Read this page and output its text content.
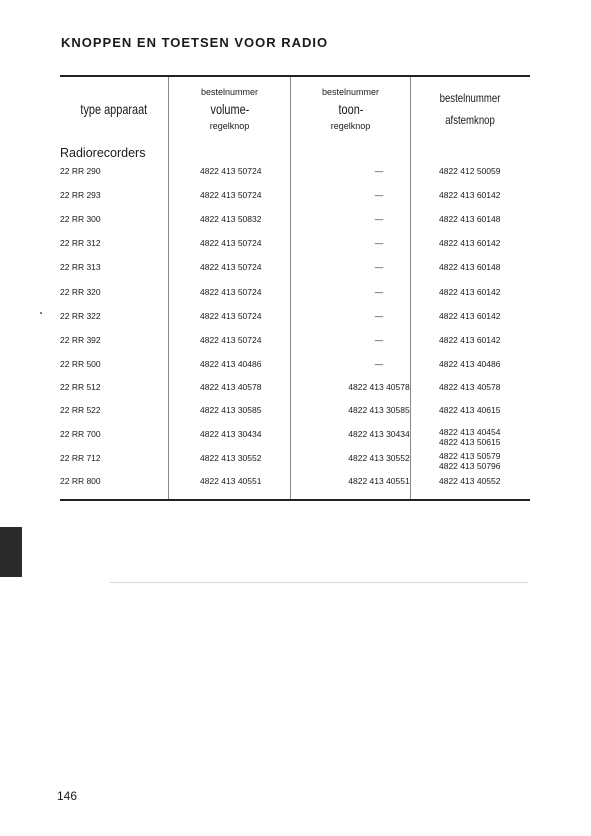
KNOPPEN EN TOETSEN VOOR RADIO
type apparaat
bestelnummer
volume-
regelknop
bestelnummer
toon-
regelknop
bestelnummer
afstemknop
Radiorecorders
22 RR 290	4822 413 50724	—	4822 412 50059
22 RR 293	4822 413 50724	—	4822 413 60142
22 RR 300	4822 413 50832	—	4822 413 60148
22 RR 312	4822 413 50724	—	4822 413 60142
22 RR 313	4822 413 50724	—	4822 413 60148
22 RR 320	4822 413 50724	—	4822 413 60142
22 RR 322	4822 413 50724	—	4822 413 60142
22 RR 392	4822 413 50724	—	4822 413 60142
22 RR 500	4822 413 40486	—	4822 413 40486
22 RR 512	4822 413 40578	4822 413 40578	4822 413 40578
22 RR 522	4822 413 30585	4822 413 30585	4822 413 40615
22 RR 700	4822 413 30434	4822 413 30434	4822 413 40454
4822 413 50615
22 RR 712	4822 413 30552	4822 413 30552	4822 413 50579
4822 413 50796
22 RR 800	4822 413 40551	4822 413 40551	4822 413 40552
146
